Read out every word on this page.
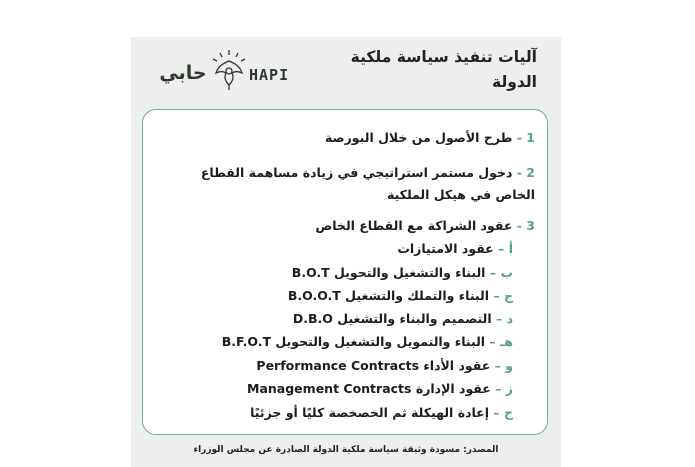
آليات تنفيذ سياسة ملكية
الدولة
حابي	HAPI
1 - طرح الأصول من خلال البورصة
2 - دخول مستمر استراتيجي في زيادة مساهمة القطاع الخاص في هيكل الملكية
3 - عقود الشراكة مع القطاع الخاص
أ – عقود الامتيازات
ب – البناء والتشغيل والتحويل B.O.T
ج – البناء والتملك والتشغيل B.O.O.T
د – التصميم والبناء والتشغيل D.B.O
هـ – البناء والتمويل والتشغيل والتحويل B.F.O.T
و – عقود الأداء Performance Contracts
ز – عقود الإدارة Management Contracts
ح – إعادة الهيكلة ثم الخصخصة كليًا أو جزئيًا
المصدر: مسودة وثيقة سياسة ملكية الدولة الصادرة عن مجلس الوزراء
